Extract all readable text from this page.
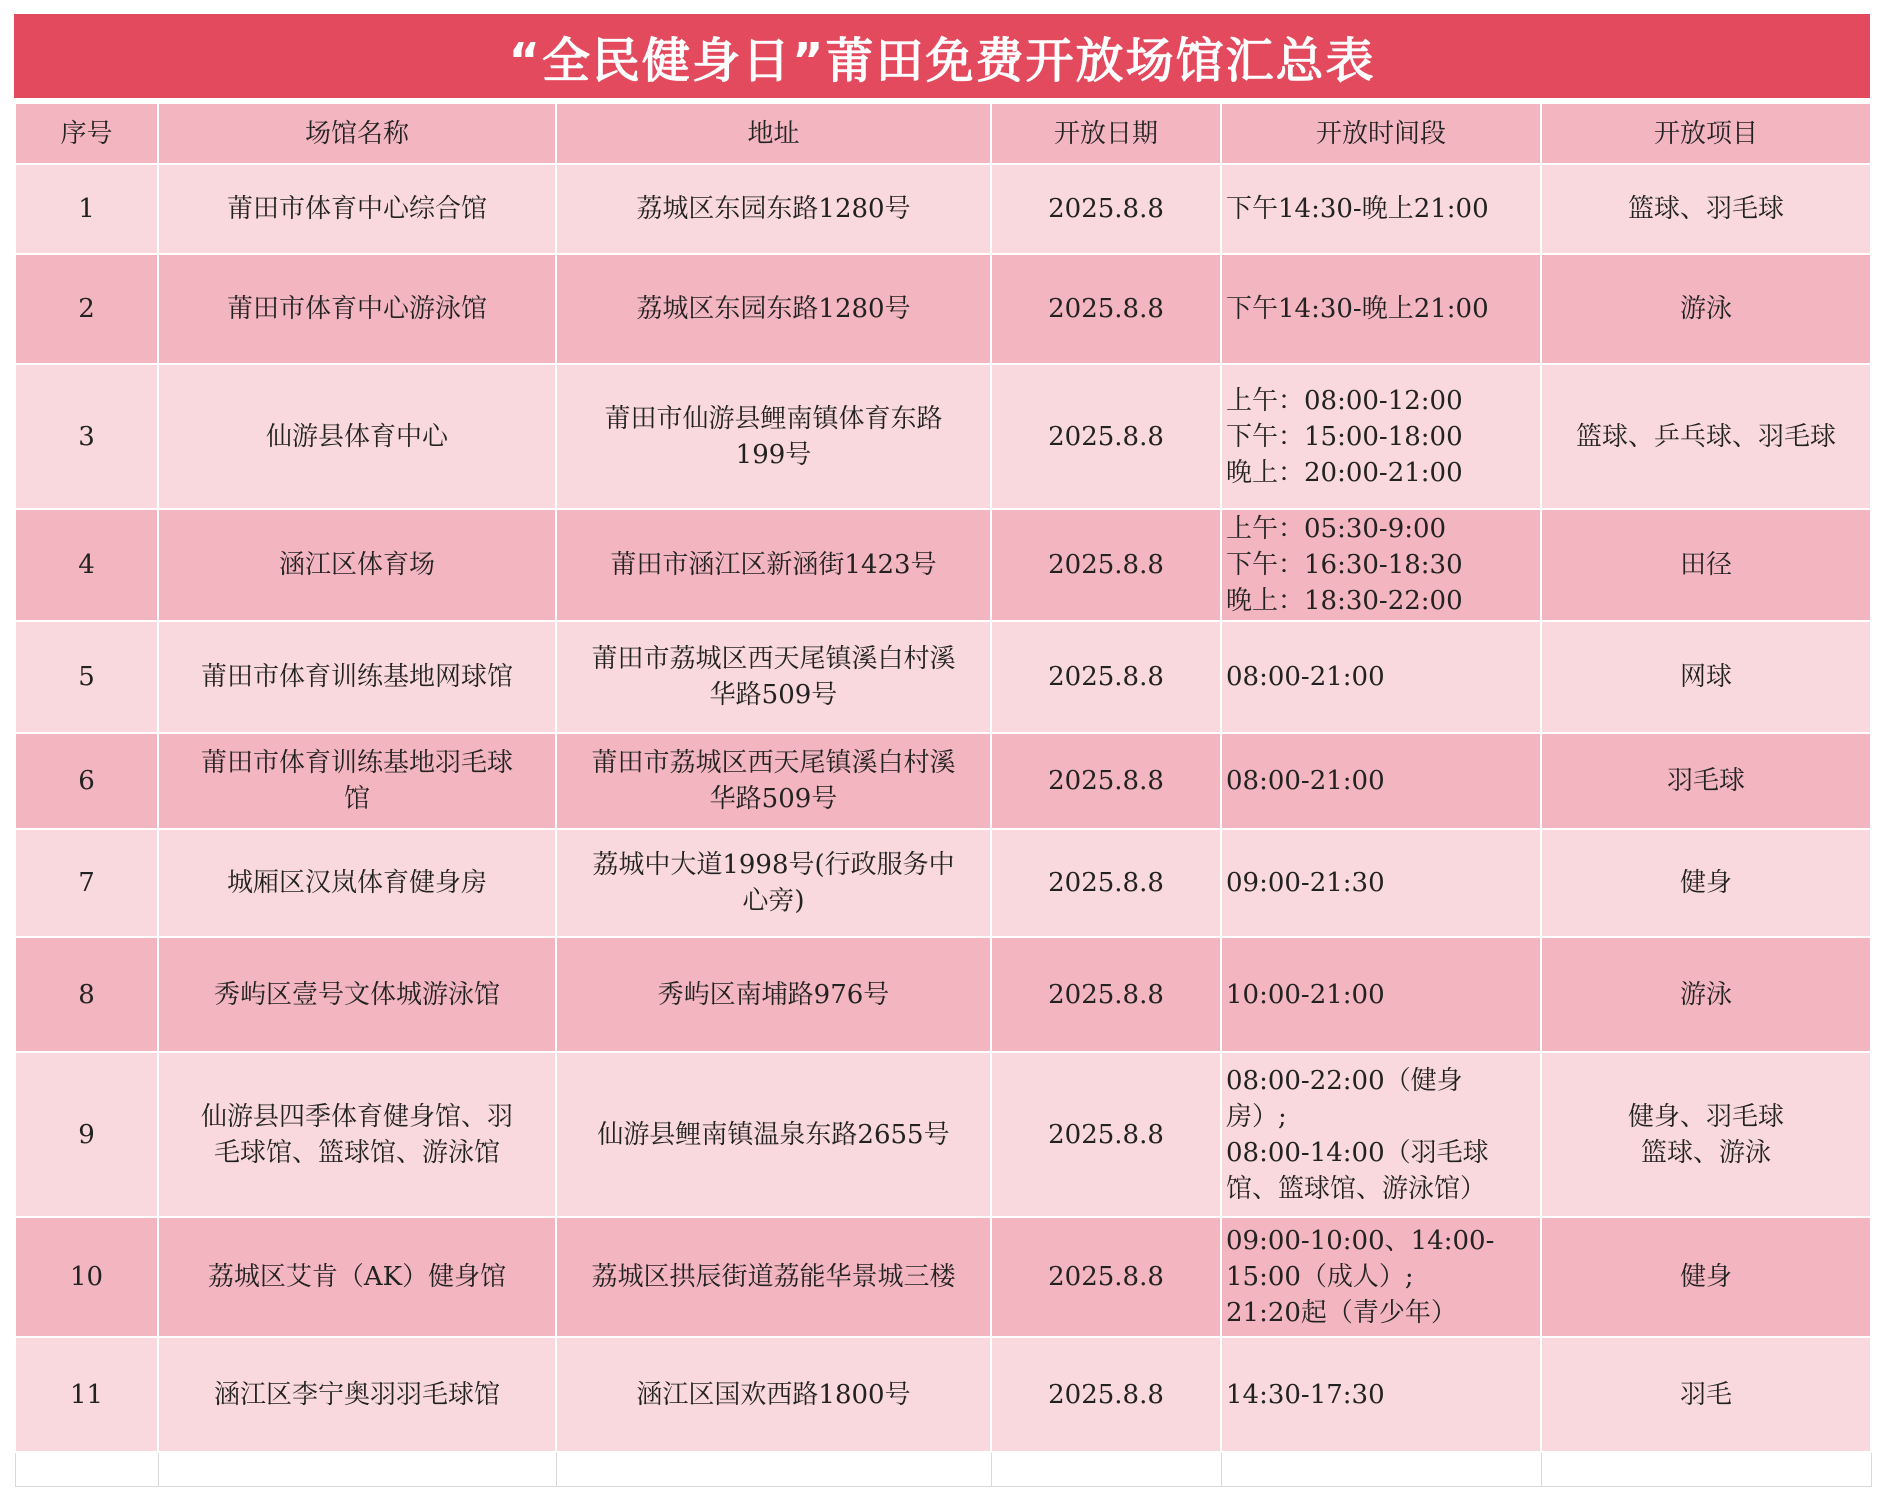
“全民健身日”莆田免费开放场馆汇总表
序号	场馆名称	地址	开放日期	开放时间段	开放项目
1	莆田市体育中心综合馆	荔城区东园东路1280号	2025.8.8	下午14:30-晚上21:00	篮球、羽毛球
2	莆田市体育中心游泳馆	荔城区东园东路1280号	2025.8.8	下午14:30-晚上21:00	游泳
3	仙游县体育中心	莆田市仙游县鲤南镇体育东路
199号	2025.8.8	上午：08:00-12:00
下午：15:00-18:00
晚上：20:00-21:00	篮球、乒乓球、羽毛球
4	涵江区体育场	莆田市涵江区新涵街1423号	2025.8.8	上午：05:30-9:00
下午：16:30-18:30
晚上：18:30-22:00	田径
5	莆田市体育训练基地网球馆	莆田市荔城区西天尾镇溪白村溪
华路509号	2025.8.8	08:00-21:00	网球
6	莆田市体育训练基地羽毛球
馆	莆田市荔城区西天尾镇溪白村溪
华路509号	2025.8.8	08:00-21:00	羽毛球
7	城厢区汉岚体育健身房	荔城中大道1998号(行政服务中
心旁)	2025.8.8	09:00-21:30	健身
8	秀屿区壹号文体城游泳馆	秀屿区南埔路976号	2025.8.8	10:00-21:00	游泳
9	仙游县四季体育健身馆、羽
毛球馆、篮球馆、游泳馆	仙游县鲤南镇温泉东路2655号	2025.8.8	08:00-22:00（健身
房）;
08:00-14:00（羽毛球
馆、篮球馆、游泳馆）	健身、羽毛球
篮球、游泳
10	荔城区艾肯（AK）健身馆	荔城区拱辰街道荔能华景城三楼	2025.8.8	09:00-10:00、14:00-
15:00（成人）;
21:20起（青少年）	健身
11	涵江区李宁奥羽羽毛球馆	涵江区国欢西路1800号	2025.8.8	14:30-17:30	羽毛
